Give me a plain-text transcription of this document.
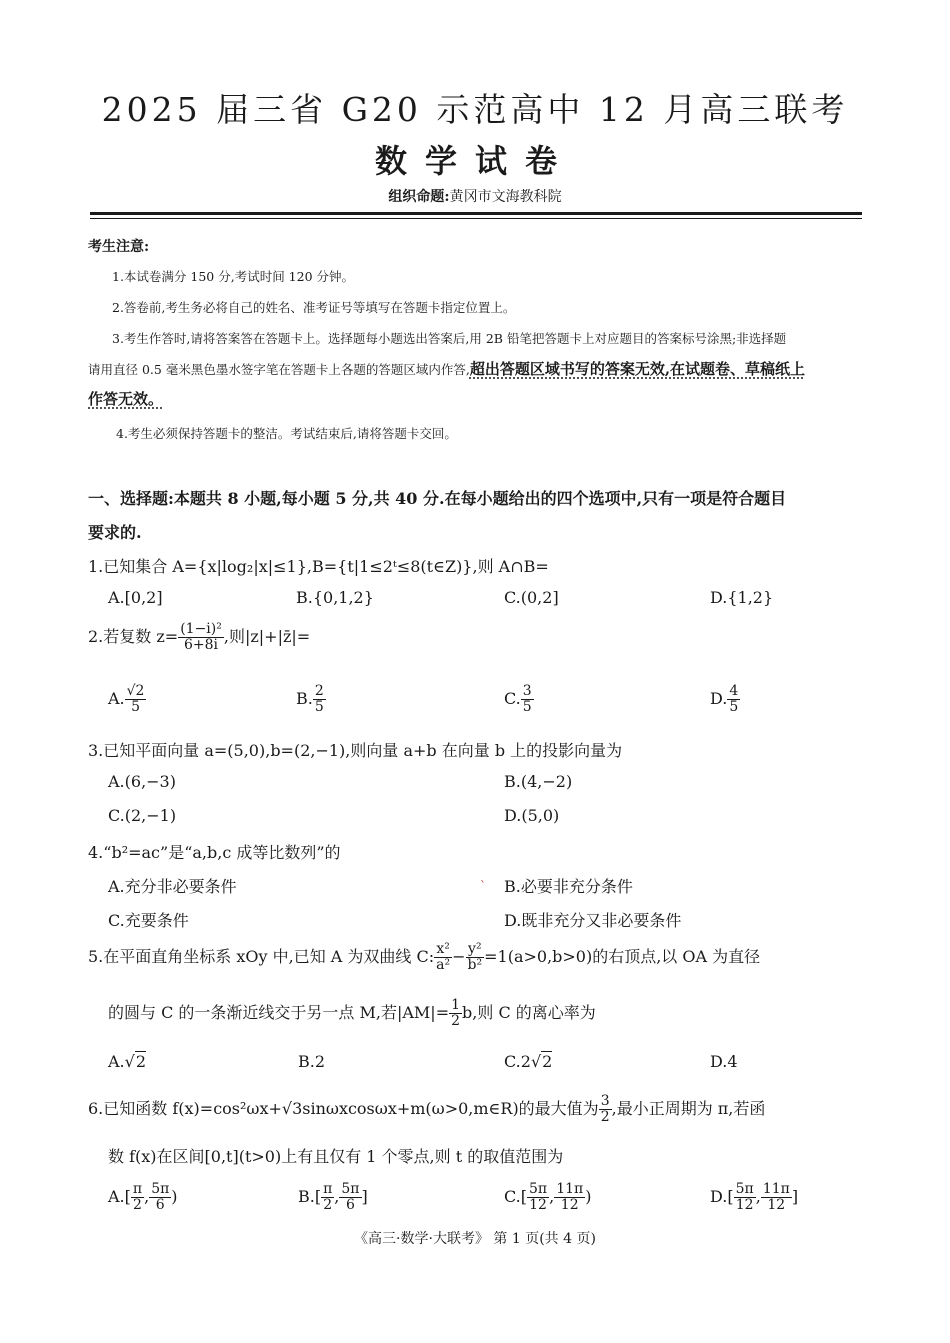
2025 届三省 G20 示范高中 12 月高三联考
数学试卷
组织命题:黄冈市文海教科院
考生注意:
1.本试卷满分 150 分,考试时间 120 分钟。
2.答卷前,考生务必将自己的姓名、准考证号等填写在答题卡指定位置上。
3.考生作答时,请将答案答在答题卡上。选择题每小题选出答案后,用 2B 铅笔把答题卡上对应题目的答案标号涂黑;非选择题
请用直径 0.5 毫米黑色墨水签字笔在答题卡上各题的答题区域内作答,超出答题区域书写的答案无效,在试题卷、草稿纸上
作答无效。
4.考生必须保持答题卡的整洁。考试结束后,请将答题卡交回。
一、选择题:本题共 8 小题,每小题 5 分,共 40 分.在每小题给出的四个选项中,只有一项是符合题目
要求的.
1.已知集合 A={x|log₂|x|≤1},B={t|1≤2ᵗ≤8(t∈Z)},则 A∩B=
A.[0,2]	B.{0,1,2}	C.(0,2]	D.{1,2}
2.若复数 $z= \frac{\text{(1−i)²}}{6+8i}$ ,则|z|+|z̄|=
A. $\frac{√2}{5}$	B. $\frac{2}{5}$	C. $\frac{3}{5}$	D. $\frac{4}{5}$
3.已知平面向量 a=(5,0),b=(2,−1),则向量 a+b 在向量 b 上的投影向量为
A.(6,−3)	B.(4,−2)
C.(2,−1)	D.(5,0)
4.“b²=ac”是“a,b,c 成等比数列”的
A.充分非必要条件	ˋ B.必要非充分条件
C.充要条件	D.既非充分又非必要条件
5.在平面直角坐标系 xOy 中,已知 A 为双曲线 C: $\frac{\text{x²}}{\text{a²}} - \frac{\text{y²}}{\text{b²}} =1(a>0,b>0)$的右顶点,以 OA 为直径
的圆与 C 的一条渐近线交于另一点 M,若$|AM|= \frac{1}{2} b$,则 C 的离心率为
A.√2	B.2	C.2√2	D.4
6.已知函数 f(x)=cos²ωx+√3sinωxcosωx+m(ω>0,m∈R)的最大值为 $\frac{3}{2}$ ,最小正周期为 π,若函
数 f(x)在区间[0,t](t>0)上有且仅有 1 个零点,则 t 的取值范围为
$A.[ \frac{\pi}{2}$ , $\frac{5\pi}{6}$ )	$B.[ \frac{\pi}{2}$ , $\frac{5\pi}{6}$ ]	$C.[ \frac{5\pi}{12}$ , $\frac{11\pi}{12}$ )	$D.[ \frac{5\pi}{12}$ , $\frac{11\pi}{12}$ ]
《高三·数学·大联考》 第 1 页(共 4 页)
